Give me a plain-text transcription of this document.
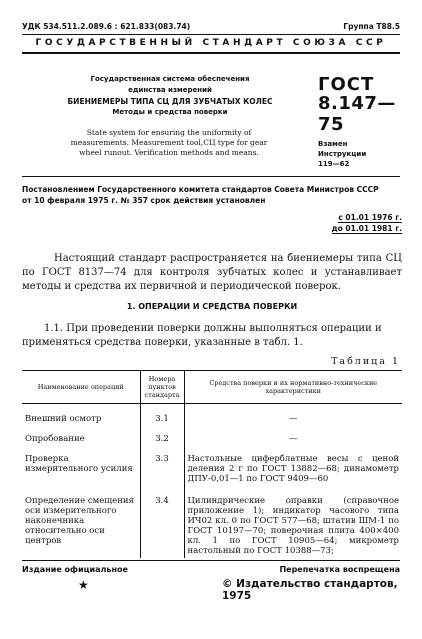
УДК 534.511.2.089.6 : 621.833(083.74)	Группа Т88.5
ГОСУДАРСТВЕННЫЙ СТАНДАРТ СОЮЗА ССР
Государственная система обеспечения
единства измерений
БИЕНИЕМЕРЫ ТИПА СЦ ДЛЯ ЗУБЧАТЫХ КОЛЕС
Методы и средства поверки
State system for ensuring the uniformity of
measurements. Measurement tool,СЦ type for gear
wheel runout. Verification methods and means.
ГОСТ
8.147—75
Взамен
Инструкции
119—62
Постановлением Государственного комитета стандартов Совета Министров СССР
от 10 февраля 1975 г. № 357 срок действия установлен
с 01.01 1976 г.
до 01.01 1981 г.
Настоящий стандарт распространяется на биениемеры типа СЦ по ГОСТ 8137—74 для контроля зубчатых колес и устанавливает методы и средства их первичной и периодической поверок.
1. ОПЕРАЦИИ И СРЕДСТВА ПОВЕРКИ
1.1. При проведении поверки должны выполняться операции и применяться средства поверки, указанные в табл. 1.
Таблица 1
Наименование операций	Номера пунктов стандарта	Средства поверки и их нормативно-технические характеристики
Внешний осмотр	3.1	—
Опробование	3.2	—
Проверка измерительного усилия	3.3	Настольные циферблатные весы с ценой деления 2 г по ГОСТ 13882—68; динамометр ДПУ-0,01—1 по ГОСТ 9409—60
Определение смещения оси измерительного наконечника относительно оси центров	3.4	Цилиндрические оправки (справочное приложение 1); индикатор часового типа ИЧ02 кл. 0 по ГОСТ 577—68; штатив ШМ-1 по ГОСТ 10197—70; поверочная плита 400×400 кл. 1 по ГОСТ 10905—64; микрометр настольный по ГОСТ 10388—73;
Издание официальное	Перепечатка воспрещена
★	© Издательство стандартов, 1975
